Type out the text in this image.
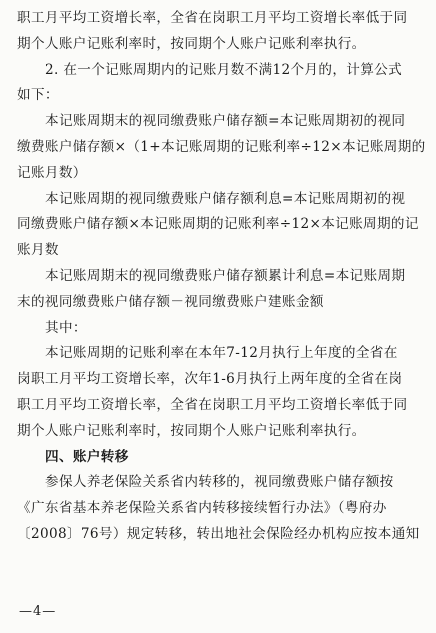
职工月平均工资增长率，全省在岗职工月平均工资增长率低于同
期个人账户记账利率时，按同期个人账户记账利率执行。
2. 在一个记账周期内的记账月数不满12个月的，计算公式
如下：
本记账周期末的视同缴费账户储存额=本记账周期初的视同
缴费账户储存额×（1+本记账周期的记账利率÷12×本记账周期的
记账月数）
本记账周期的视同缴费账户储存额利息=本记账周期初的视
同缴费账户储存额×本记账周期的记账利率÷12×本记账周期的记
账月数
本记账周期末的视同缴费账户储存额累计利息=本记账周期
末的视同缴费账户储存额－视同缴费账户建账金额
其中：
本记账周期的记账利率在本年7-12月执行上年度的全省在
岗职工月平均工资增长率，次年1-6月执行上两年度的全省在岗
职工月平均工资增长率，全省在岗职工月平均工资增长率低于同
期个人账户记账利率时，按同期个人账户记账利率执行。
四、账户转移
参保人养老保险关系省内转移的，视同缴费账户储存额按
《广东省基本养老保险关系省内转移接续暂行办法》（粤府办
〔2008〕76号）规定转移，转出地社会保险经办机构应按本通知
—4—
